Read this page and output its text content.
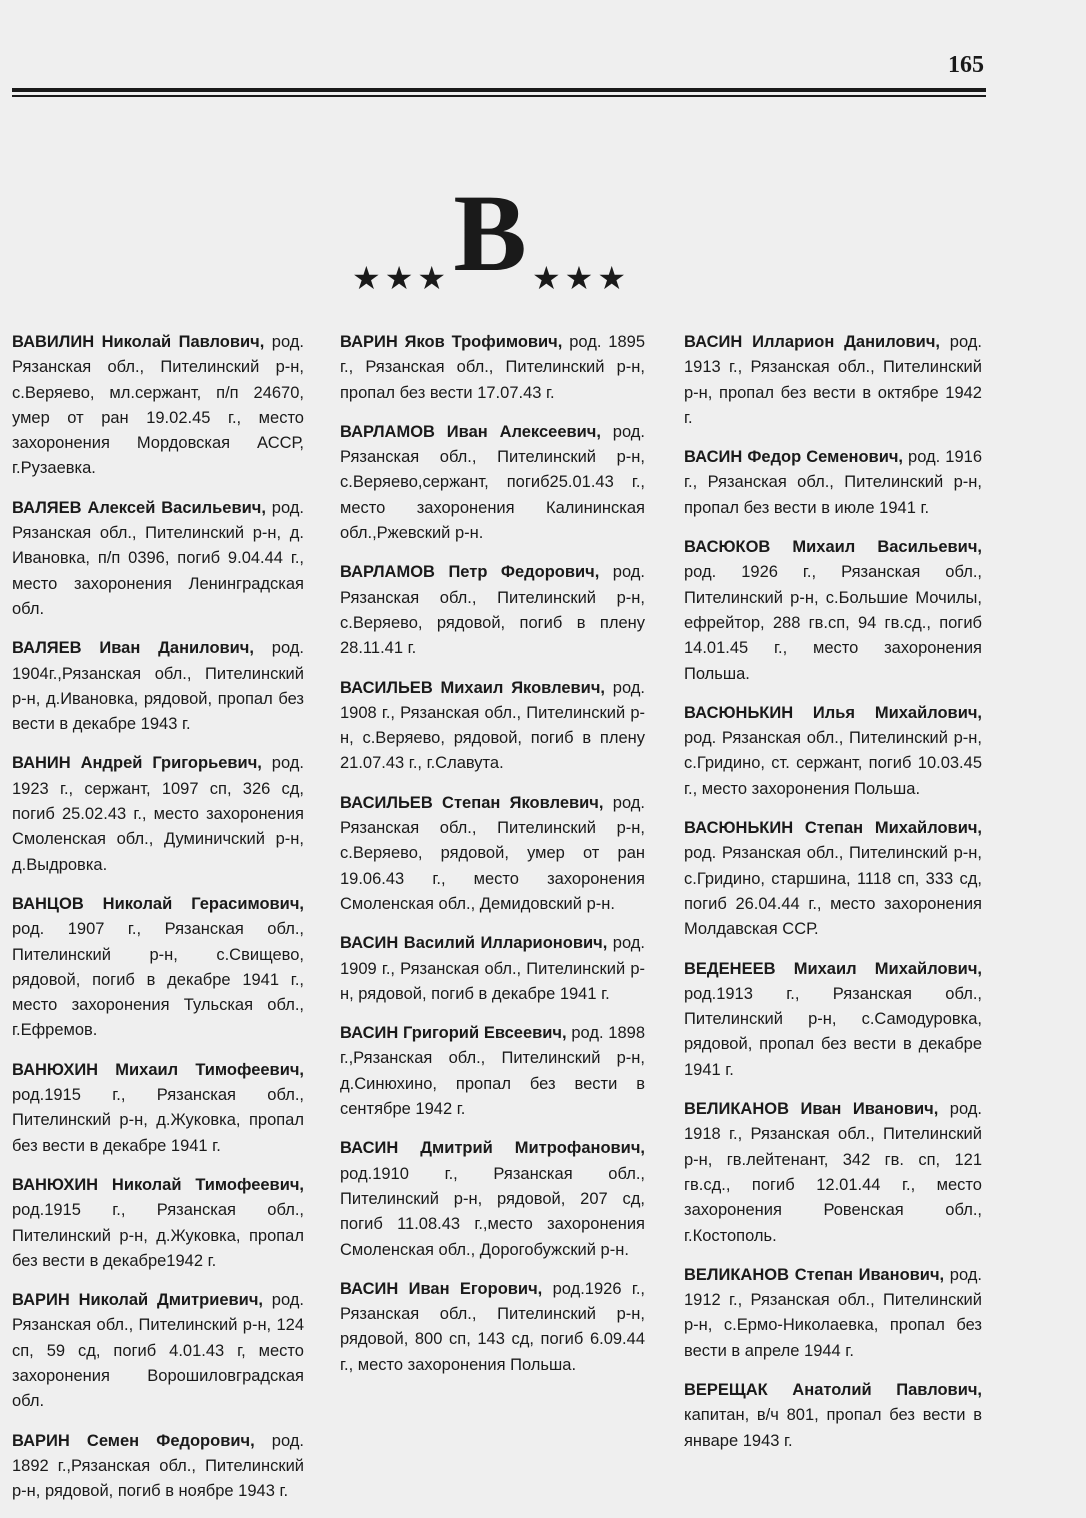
165
В
★★★	★★★

ВАВИЛИН Николай Павлович, род. Рязанская обл., Пителинский р-н, с.Веряево, мл.сержант, п/п 24670, умер от ран 19.02.45 г., место захоронения Мордовская АССР, г.Рузаевка.

ВАЛЯЕВ Алексей Васильевич, род. Рязанская обл., Пителинский р-н, д. Ивановка, п/п 0396, погиб 9.04.44 г., место захоронения Ленинградская обл.

ВАЛЯЕВ Иван Данилович, род. 1904г.,Рязанская обл., Пителинский р-н, д.Ивановка, рядовой, пропал без вести в декабре 1943 г.

ВАНИН Андрей Григорьевич, род. 1923 г., сержант, 1097 сп, 326 сд, погиб 25.02.43 г., место захоронения Смоленская обл., Думиничский р-н, д.Выдровка.

ВАНЦОВ Николай Герасимович, род. 1907 г., Рязанская обл., Пителинский р-н, с.Свищево, рядовой, погиб в декабре 1941 г., место захоронения Тульская обл., г.Ефремов.

ВАНЮХИН Михаил Тимофеевич, род.1915 г., Рязанская обл., Пителинский р-н, д.Жуковка, пропал без вести в декабре 1941 г.

ВАНЮХИН Николай Тимофеевич, род.1915 г., Рязанская обл., Пителинский р-н, д.Жуковка, пропал без вести в декабре1942 г.

ВАРИН Николай Дмитриевич, род. Рязанская обл., Пителинский р-н, 124 сп, 59 сд, погиб 4.01.43 г, место захоронения Ворошиловградская обл.

ВАРИН Семен Федорович, род. 1892 г.,Рязанская обл., Пителинский р-н, рядовой, погиб в ноябре 1943 г.

ВАРИН Яков Трофимович, род. 1895 г., Рязанская обл., Пителинский р-н, пропал без вести 17.07.43 г.

ВАРЛАМОВ Иван Алексеевич, род. Рязанская обл., Пителинский р-н, с.Веряево,сержант, погиб25.01.43 г., место захоронения Калининская обл.,Ржевский р-н.

ВАРЛАМОВ Петр Федорович, род. Рязанская обл., Пителинский р-н, с.Веряево, рядовой, погиб в плену 28.11.41 г.

ВАСИЛЬЕВ Михаил Яковлевич, род. 1908 г., Рязанская обл., Пителинский р-н, с.Веряево, рядовой, погиб в плену 21.07.43 г., г.Славута.

ВАСИЛЬЕВ Степан Яковлевич, род. Рязанская обл., Пителинский р-н, с.Веряево, рядовой, умер от ран 19.06.43 г., место захоронения Смоленская обл., Демидовский р-н.

ВАСИН Василий Илларионович, род. 1909 г., Рязанская обл., Пителинский р-н, рядовой, погиб в декабре 1941 г.

ВАСИН Григорий Евсеевич, род. 1898 г.,Рязанская обл., Пителинский р-н, д.Синюхино, пропал без вести в сентябре 1942 г.

ВАСИН Дмитрий Митрофанович, род.1910 г., Рязанская обл., Пителинский р-н, рядовой, 207 сд, погиб 11.08.43 г.,место захоронения Смоленская обл., Дорогобужский р-н.

ВАСИН Иван Егорович, род.1926 г., Рязанская обл., Пителинский р-н, рядовой, 800 сп, 143 сд, погиб 6.09.44 г., место захоронения Польша.

ВАСИН Илларион Данилович, род. 1913 г., Рязанская обл., Пителинский р-н, пропал без вести в октябре 1942 г.

ВАСИН Федор Семенович, род. 1916 г., Рязанская обл., Пителинский р-н, пропал без вести в июле 1941 г.

ВАСЮКОВ Михаил Васильевич, род. 1926 г., Рязанская обл., Пителинский р-н, с.Большие Мочилы, ефрейтор, 288 гв.сп, 94 гв.сд., погиб 14.01.45 г., место захоронения Польша.

ВАСЮНЬКИН Илья Михайлович, род. Рязанская обл., Пителинский р-н, с.Гридино, ст. сержант, погиб 10.03.45 г., место захоронения Польша.

ВАСЮНЬКИН Степан Михайлович, род. Рязанская обл., Пителинский р-н, с.Гридино, старшина, 1118 сп, 333 сд, погиб 26.04.44 г., место захоронения Молдавская ССР.

ВЕДЕНЕЕВ Михаил Михайлович, род.1913 г., Рязанская обл., Пителинский р-н, с.Самодуровка, рядовой, пропал без вести в декабре 1941 г.

ВЕЛИКАНОВ Иван Иванович, род. 1918 г., Рязанская обл., Пителинский р-н, гв.лейтенант, 342 гв. сп, 121 гв.сд., погиб 12.01.44 г., место захоронения Ровенская обл., г.Костополь.

ВЕЛИКАНОВ Степан Иванович, род. 1912 г., Рязанская обл., Пителинский р-н, с.Ермо-Николаевка, пропал без вести в апреле 1944 г.

ВЕРЕЩАК Анатолий Павлович, капитан, в/ч 801, пропал без вести в январе 1943 г.
